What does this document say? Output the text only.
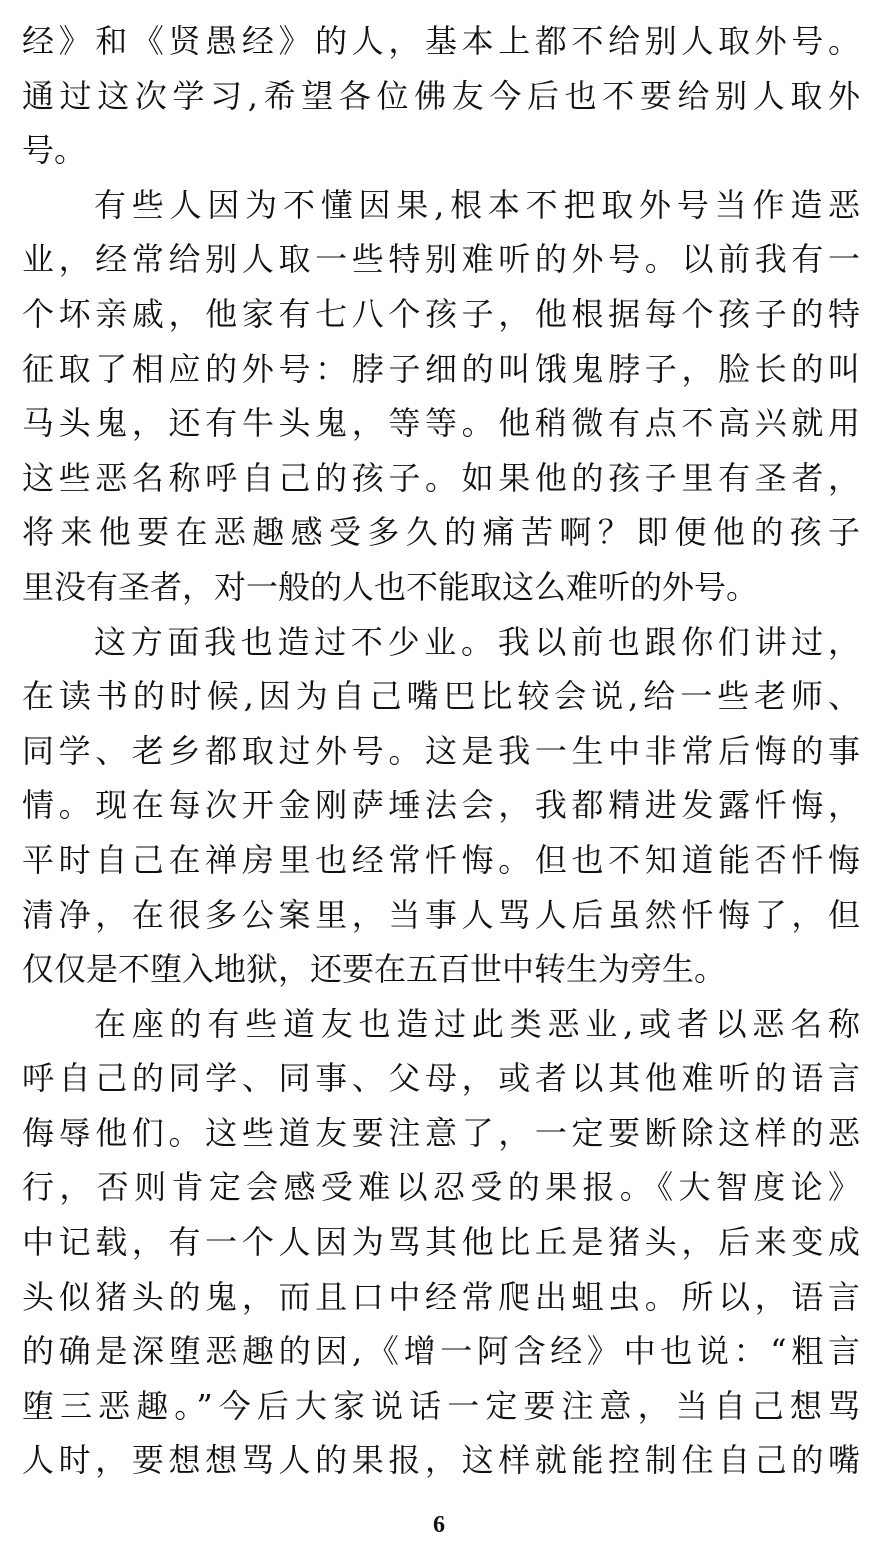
经》和《贤愚经》的人，基本上都不给别人取外号。
通过这次学习,希望各位佛友今后也不要给别人取外
号。
有些人因为不懂因果,根本不把取外号当作造恶
业，经常给别人取一些特别难听的外号。以前我有一
个坏亲戚，他家有七八个孩子，他根据每个孩子的特
征取了相应的外号：脖子细的叫饿鬼脖子，脸长的叫
马头鬼，还有牛头鬼，等等。他稍微有点不高兴就用
这些恶名称呼自己的孩子。如果他的孩子里有圣者，
将来他要在恶趣感受多久的痛苦啊？即便他的孩子
里没有圣者，对一般的人也不能取这么难听的外号。
这方面我也造过不少业。我以前也跟你们讲过，
在读书的时候,因为自己嘴巴比较会说,给一些老师、
同学、老乡都取过外号。这是我一生中非常后悔的事
情。现在每次开金刚萨埵法会，我都精进发露忏悔，
平时自己在禅房里也经常忏悔。但也不知道能否忏悔
清净，在很多公案里，当事人骂人后虽然忏悔了，但
仅仅是不堕入地狱，还要在五百世中转生为旁生。
在座的有些道友也造过此类恶业,或者以恶名称
呼自己的同学、同事、父母，或者以其他难听的语言
侮辱他们。这些道友要注意了，一定要断除这样的恶
行，否则肯定会感受难以忍受的果报。《大智度论》
中记载，有一个人因为骂其他比丘是猪头，后来变成
头似猪头的鬼，而且口中经常爬出蛆虫。所以，语言
的确是深堕恶趣的因,《增一阿含经》中也说：“粗言
堕三恶趣。”今后大家说话一定要注意，当自己想骂
人时，要想想骂人的果报，这样就能控制住自己的嘴
6
